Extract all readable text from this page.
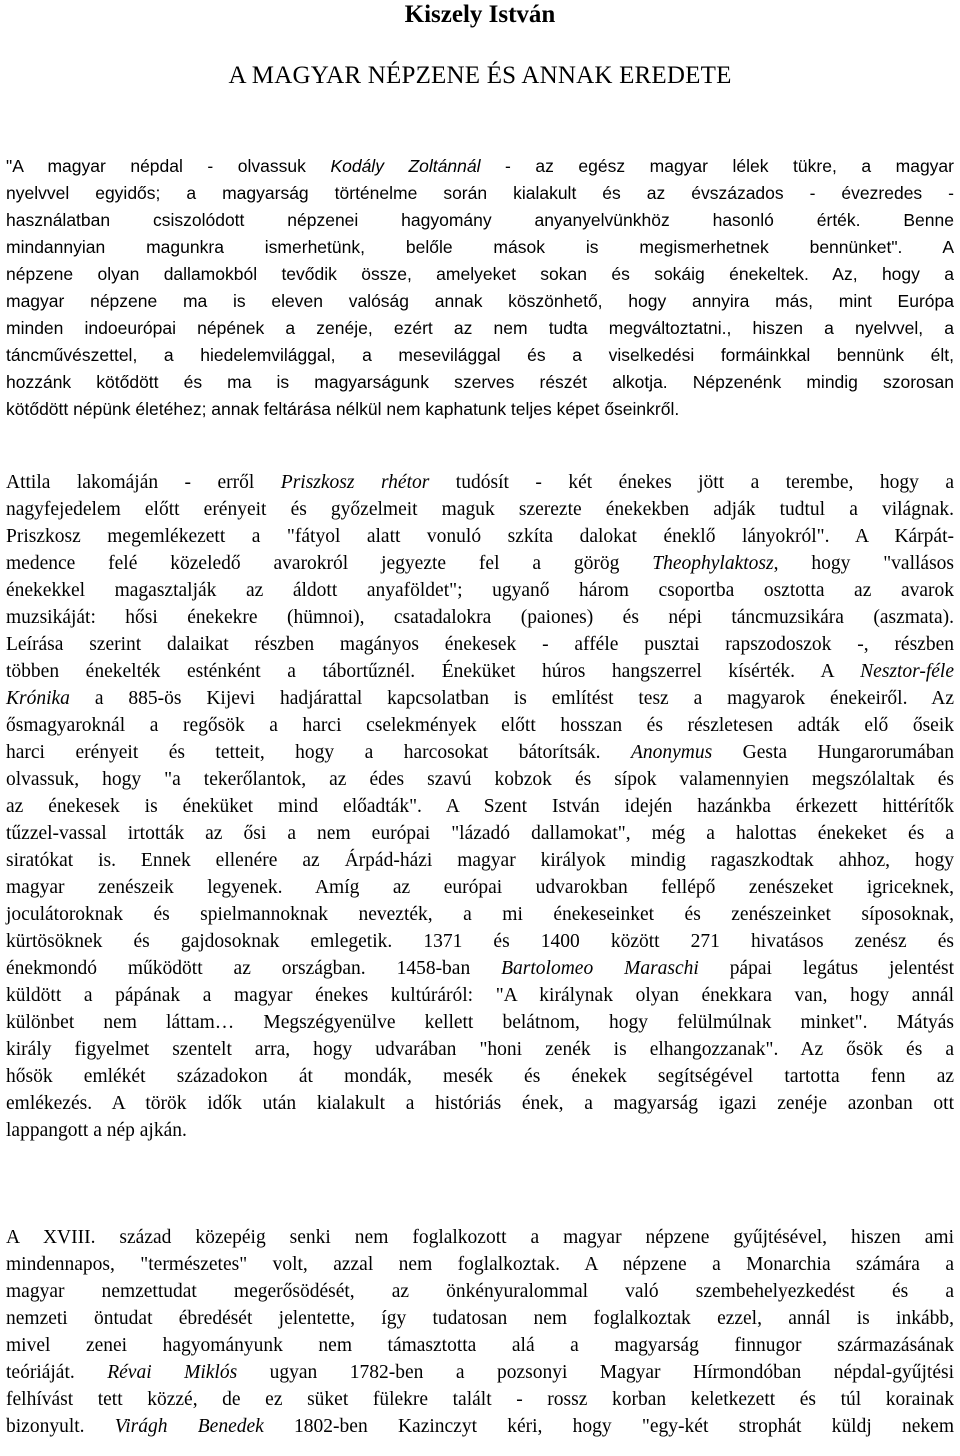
Kiszely István
A MAGYAR NÉPZENE ÉS ANNAK EREDETE
"A magyar népdal - olvassuk Kodály Zoltánnál - az egész magyar lélek tükre, a magyar
nyelvvel egyidős; a magyarság történelme során kialakult és az évszázados - évezredes -
használatban csiszolódott népzenei hagyomány anyanyelvünkhöz hasonló érték. Benne
mindannyian magunkra ismerhetünk, belőle mások is megismerhetnek bennünket". A
népzene olyan dallamokból tevődik össze, amelyeket sokan és sokáig énekeltek. Az, hogy a
magyar népzene ma is eleven valóság annak köszönhető, hogy annyira más, mint Európa
minden indoeurópai népének a zenéje, ezért az nem tudta megváltoztatni., hiszen a nyelvvel, a
táncművészettel, a hiedelemvilággal, a mesevilággal és a viselkedési formáinkkal bennünk élt,
hozzánk kötődött és ma is magyarságunk szerves részét alkotja. Népzenénk mindig szorosan
kötődött népünk életéhez; annak feltárása nélkül nem kaphatunk teljes képet őseinkről.
Attila lakomáján - erről Priszkosz rhétor tudósít - két énekes jött a terembe, hogy a
nagyfejedelem előtt erényeit és győzelmeit maguk szerezte énekekben adják tudtul a világnak.
Priszkosz megemlékezett a "fátyol alatt vonuló szkíta dalokat éneklő lányokról". A Kárpát-
medence felé közeledő avarokról jegyezte fel a görög Theophylaktosz, hogy "vallásos
énekekkel magasztalják az áldott anyaföldet"; ugyanő három csoportba osztotta az avarok
muzsikáját: hősi énekekre (hümnoi), csatadalokra (paiones) és népi táncmuzsikára (aszmata).
Leírása szerint dalaikat részben magányos énekesek - afféle pusztai rapszodoszok -, részben
többen énekelték esténként a tábortűznél. Éneküket húros hangszerrel kísérték. A Nesztor-féle
Krónika a 885-ös Kijevi hadjárattal kapcsolatban is említést tesz a magyarok énekeiről. Az
ősmagyaroknál a regősök a harci cselekmények előtt hosszan és részletesen adták elő őseik
harci erényeit és tetteit, hogy a harcosokat bátorítsák. Anonymus Gesta Hungarorumában
olvassuk, hogy "a tekerőlantok, az édes szavú kobzok és sípok valamennyien megszólaltak és
az énekesek is éneküket mind előadták". A Szent István idején hazánkba érkezett hittérítők
tűzzel-vassal irtották az ősi a nem európai "lázadó dallamokat", még a halottas énekeket és a
siratókat is. Ennek ellenére az Árpád-házi magyar királyok mindig ragaszkodtak ahhoz, hogy
magyar zenészeik legyenek. Amíg az európai udvarokban fellépő zenészeket igriceknek,
joculátoroknak és spielmannoknak nevezték, a mi énekeseinket és zenészeinket síposoknak,
kürtösöknek és gajdosoknak emlegetik. 1371 és 1400 között 271 hivatásos zenész és
énekmondó működött az országban. 1458-ban Bartolomeo Maraschi pápai legátus jelentést
küldött a pápának a magyar énekes kultúráról: "A királynak olyan énekkara van, hogy annál
különbet nem láttam… Megszégyenülve kellett belátnom, hogy felülmúlnak minket". Mátyás
király figyelmet szentelt arra, hogy udvarában "honi zenék is elhangozzanak". Az ősök és a
hősök emlékét századokon át mondák, mesék és énekek segítségével tartotta fenn az
emlékezés. A török idők után kialakult a históriás ének, a magyarság igazi zenéje azonban ott
lappangott a nép ajkán.
A XVIII. század közepéig senki nem foglalkozott a magyar népzene gyűjtésével, hiszen ami
mindennapos, "természetes" volt, azzal nem foglalkoztak. A népzene a Monarchia számára a
magyar nemzettudat megerősödését, az önkényuralommal való szembehelyezkedést és a
nemzeti öntudat ébredését jelentette, így tudatosan nem foglalkoztak ezzel, annál is inkább,
mivel zenei hagyományunk nem támasztotta alá a magyarság finnugor származásának
teóriáját. Révai Miklós ugyan 1782-ben a pozsonyi Magyar Hírmondóban népdal-gyűjtési
felhívást tett közzé, de ez süket fülekre talált - rossz korban keletkezett és túl korainak
bizonyult. Virágh Benedek 1802-ben Kazinczyt kéri, hogy "egy-két strophát küldj nekem
